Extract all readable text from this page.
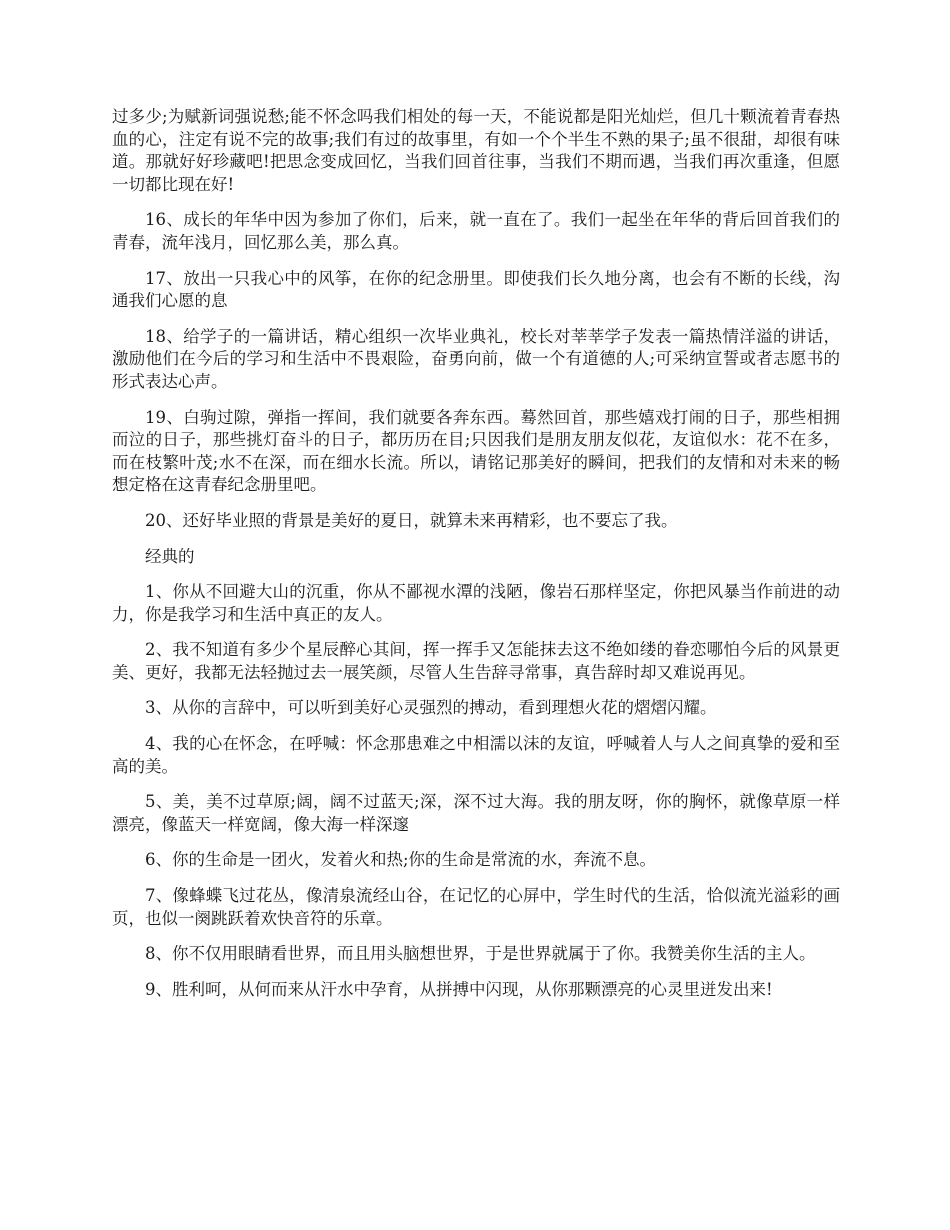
过多少;为赋新词强说愁;能不怀念吗我们相处的每一天，不能说都是阳光灿烂，但几十颗流着青春热血的心，注定有说不完的故事;我们有过的故事里，有如一个个半生不熟的果子;虽不很甜，却很有味道。那就好好珍藏吧!把思念变成回忆，当我们回首往事，当我们不期而遇，当我们再次重逢，但愿一切都比现在好!

16、成长的年华中因为参加了你们，后来，就一直在了。我们一起坐在年华的背后回首我们的青春，流年浅月，回忆那么美，那么真。

17、放出一只我心中的风筝，在你的纪念册里。即使我们长久地分离，也会有不断的长线，沟通我们心愿的息

18、给学子的一篇讲话，精心组织一次毕业典礼，校长对莘莘学子发表一篇热情洋溢的讲话，激励他们在今后的学习和生活中不畏艰险，奋勇向前，做一个有道德的人;可采纳宣誓或者志愿书的形式表达心声。

19、白驹过隙，弹指一挥间，我们就要各奔东西。蓦然回首，那些嬉戏打闹的日子，那些相拥而泣的日子，那些挑灯奋斗的日子，都历历在目;只因我们是朋友朋友似花，友谊似水：花不在多，而在枝繁叶茂;水不在深，而在细水长流。所以，请铭记那美好的瞬间，把我们的友情和对未来的畅想定格在这青春纪念册里吧。

20、还好毕业照的背景是美好的夏日，就算未来再精彩，也不要忘了我。

经典的

1、你从不回避大山的沉重，你从不鄙视水潭的浅陋，像岩石那样坚定，你把风暴当作前进的动力，你是我学习和生活中真正的友人。

2、我不知道有多少个星辰醉心其间，挥一挥手又怎能抹去这不绝如缕的眷恋哪怕今后的风景更美、更好，我都无法轻抛过去一展笑颜，尽管人生告辞寻常事，真告辞时却又难说再见。

3、从你的言辞中，可以听到美好心灵强烈的搏动，看到理想火花的熠熠闪耀。

4、我的心在怀念，在呼喊：怀念那患难之中相濡以沫的友谊，呼喊着人与人之间真挚的爱和至高的美。

5、美，美不过草原;阔，阔不过蓝天;深，深不过大海。我的朋友呀，你的胸怀，就像草原一样漂亮，像蓝天一样宽阔，像大海一样深邃

6、你的生命是一团火，发着火和热;你的生命是常流的水，奔流不息。

7、像蜂蝶飞过花丛，像清泉流经山谷，在记忆的心屏中，学生时代的生活，恰似流光溢彩的画页，也似一阕跳跃着欢快音符的乐章。

8、你不仅用眼睛看世界，而且用头脑想世界，于是世界就属于了你。我赞美你生活的主人。

9、胜利呵，从何而来从汗水中孕育，从拼搏中闪现，从你那颗漂亮的心灵里迸发出来!
